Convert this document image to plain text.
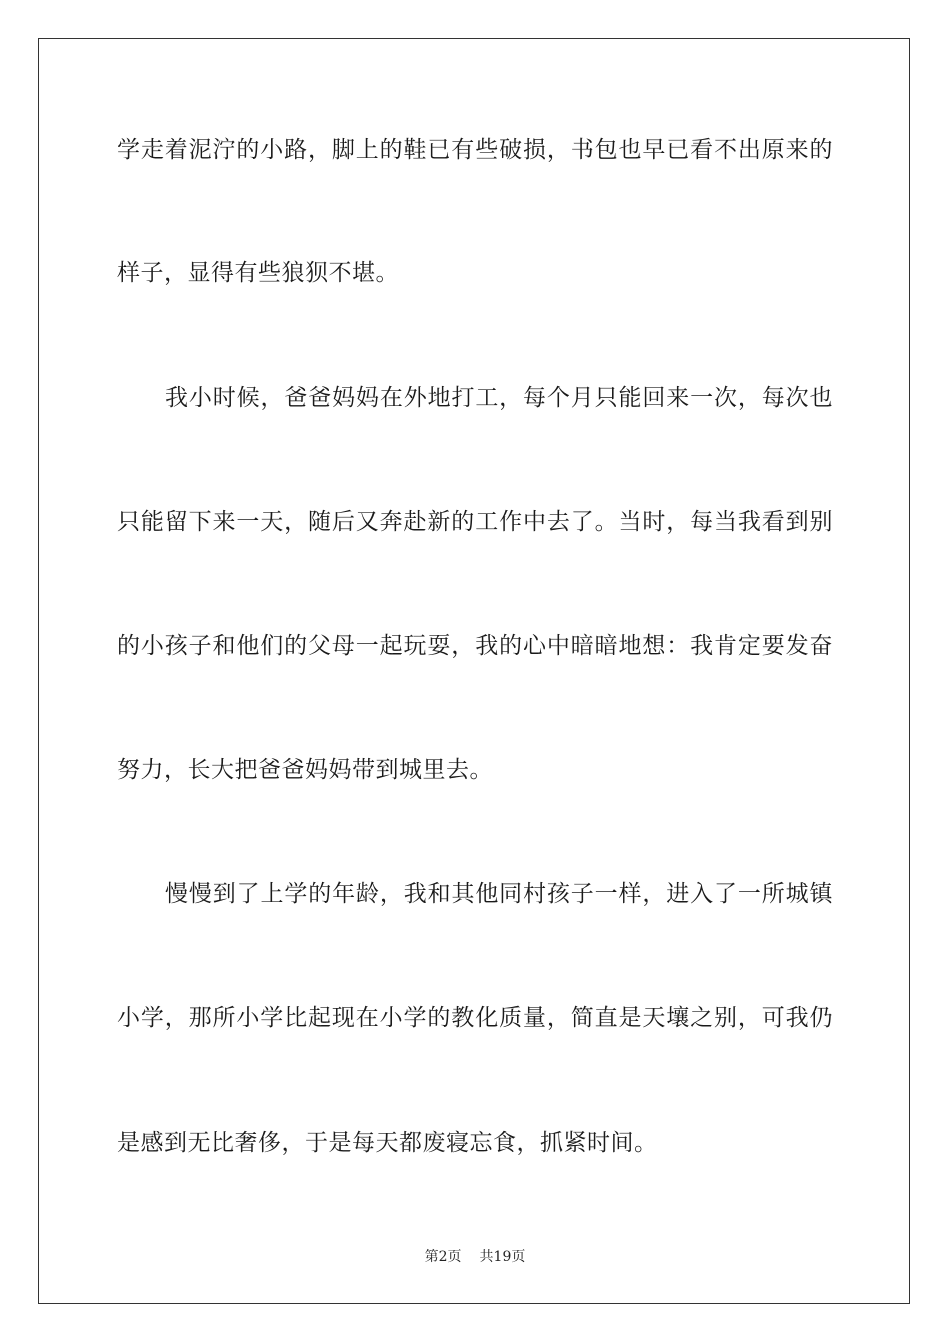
学走着泥泞的小路，脚上的鞋已有些破损，书包也早已看不出原来的
样子，显得有些狼狈不堪。
我小时候，爸爸妈妈在外地打工，每个月只能回来一次，每次也
只能留下来一天，随后又奔赴新的工作中去了。当时，每当我看到别
的小孩子和他们的父母一起玩耍，我的心中暗暗地想：我肯定要发奋
努力，长大把爸爸妈妈带到城里去。
慢慢到了上学的年龄，我和其他同村孩子一样，进入了一所城镇
小学，那所小学比起现在小学的教化质量，简直是天壤之别，可我仍
是感到无比奢侈，于是每天都废寝忘食，抓紧时间。
第2页 共19页
